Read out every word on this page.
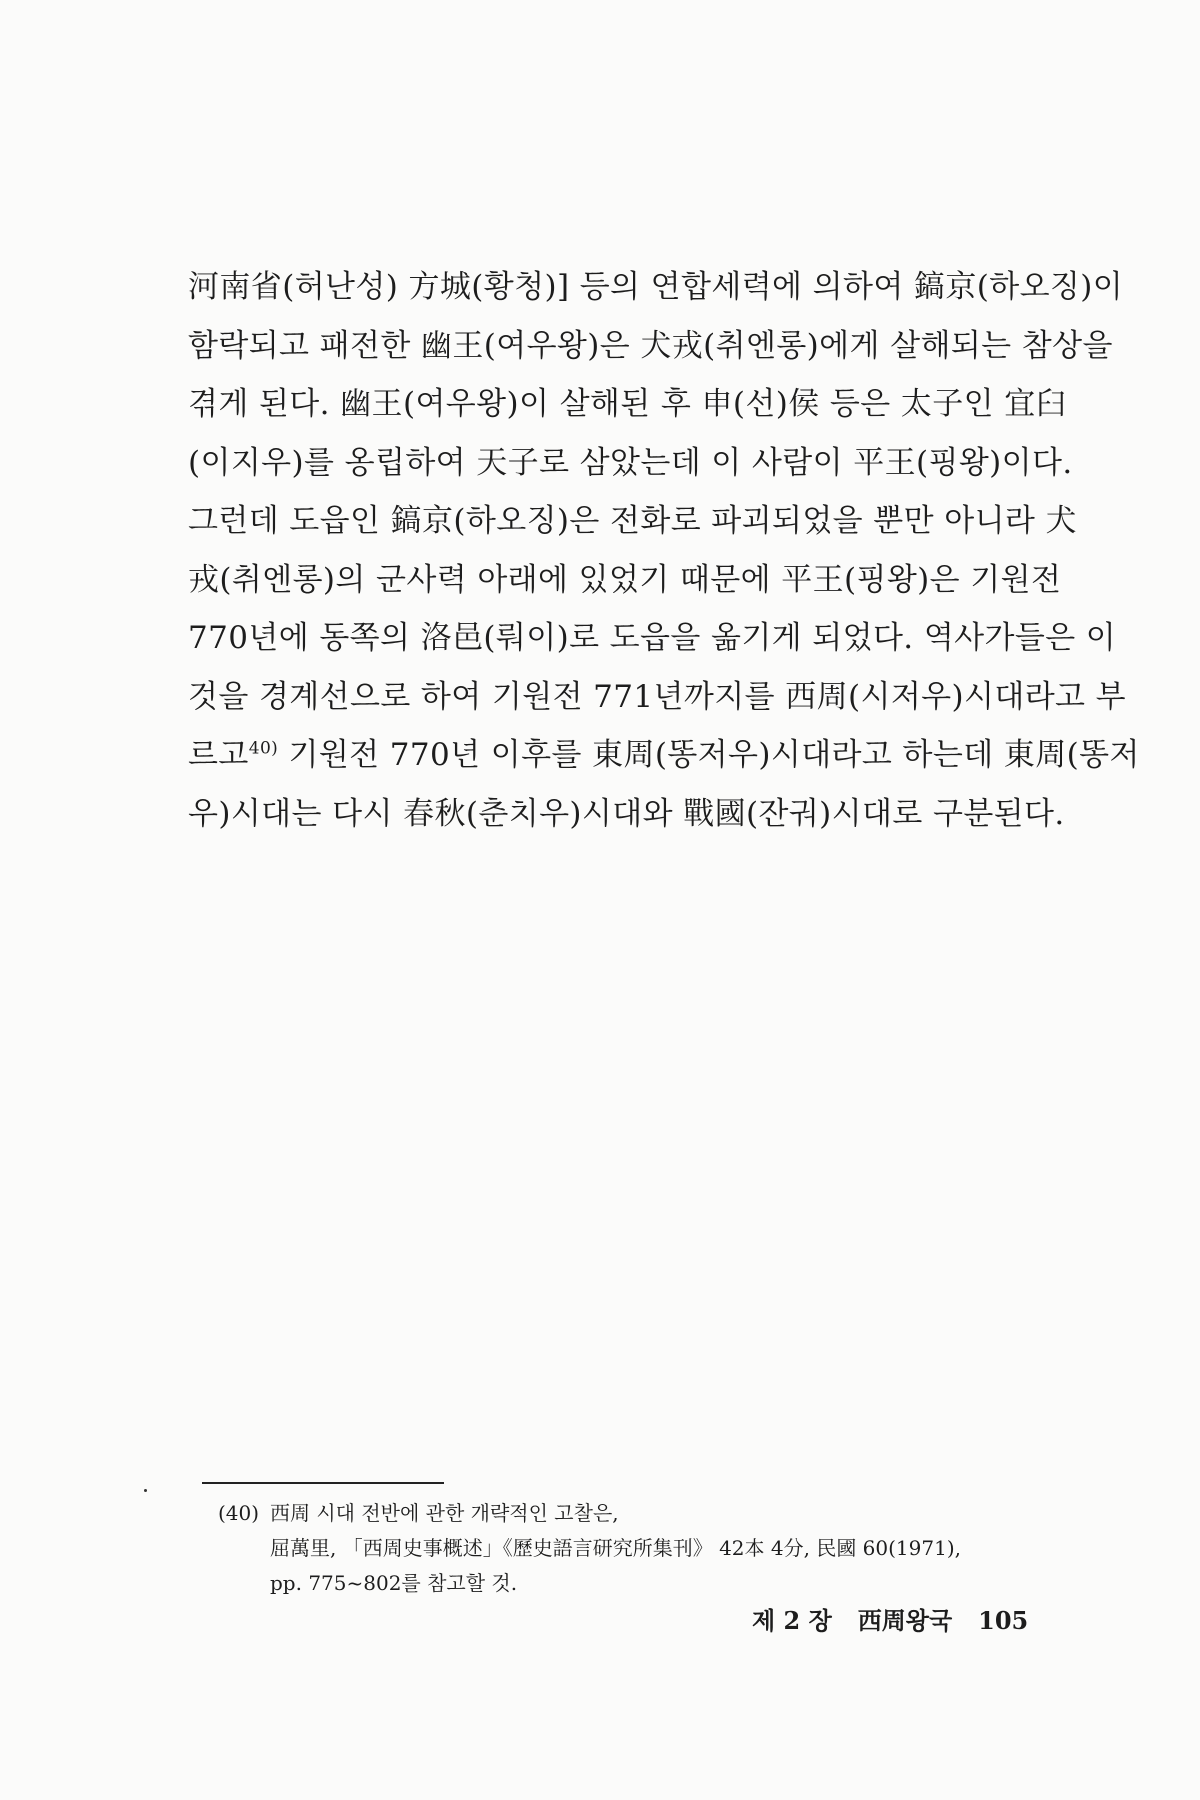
河南省(허난성) 方城(황청)] 등의 연합세력에 의하여 鎬京(하오징)이
함락되고 패전한 幽王(여우왕)은 犬戎(취엔롱)에게 살해되는 참상을
겪게 된다. 幽王(여우왕)이 살해된 후 申(선)侯 등은 太子인 宜臼
(이지우)를 옹립하여 天子로 삼았는데 이 사람이 平王(핑왕)이다.
그런데 도읍인 鎬京(하오징)은 전화로 파괴되었을 뿐만 아니라 犬
戎(취엔롱)의 군사력 아래에 있었기 때문에 平王(핑왕)은 기원전
770년에 동쪽의 洛邑(뤄이)로 도읍을 옮기게 되었다. 역사가들은 이
것을 경계선으로 하여 기원전 771년까지를 西周(시저우)시대라고 부
르고$^{40)}$ 기원전 770년 이후를 東周(똥저우)시대라고 하는데 東周(똥저
우)시대는 다시 春秋(춘치우)시대와 戰國(잔궈)시대로 구분된다.
(40) 西周 시대 전반에 관한 개략적인 고찰은,
屈萬里, 「西周史事概述」《歷史語言研究所集刊》 42本 4分, 民國 60(1971),
pp. 775~802를 참고할 것.
제 2 장 西周왕국 105
